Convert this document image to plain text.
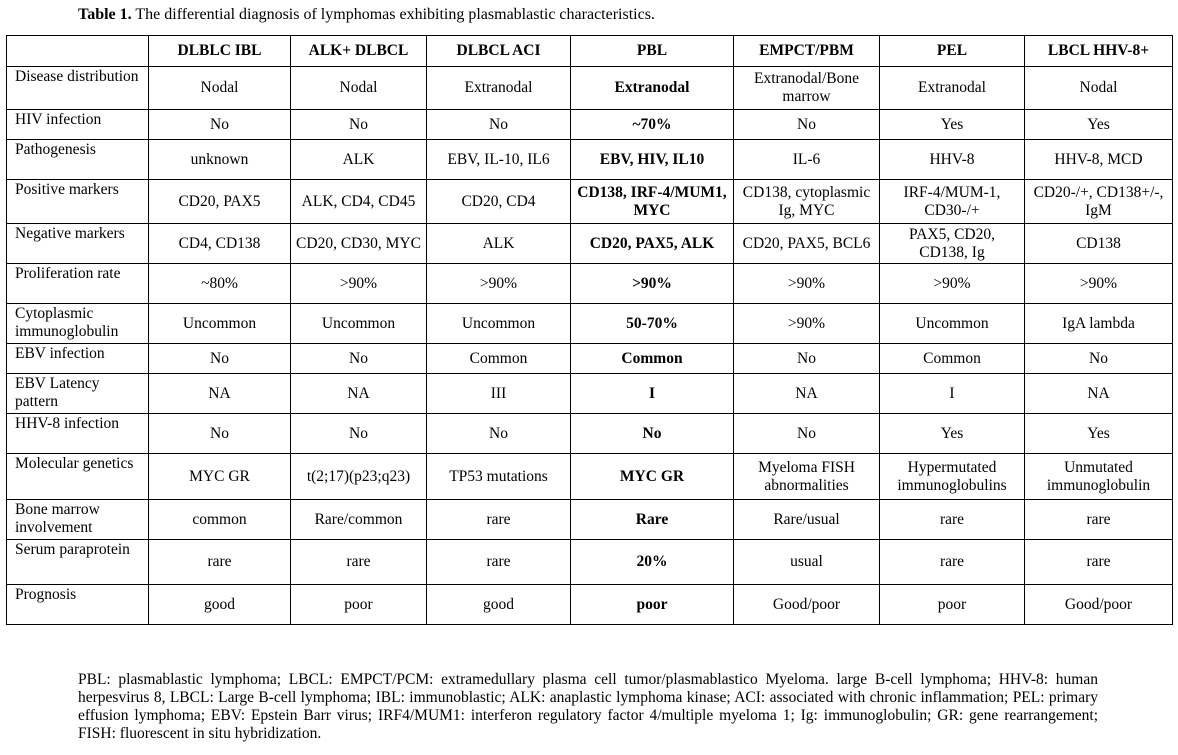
Table 1. The differential diagnosis of lymphomas exhibiting plasmablastic characteristics.
	DLBLC IBL	ALK+ DLBCL	DLBCL ACI	PBL	EMPCT/PBM	PEL	LBCL HHV-8+
Disease distribution	Nodal	Nodal	Extranodal	Extranodal	Extranodal/Bone marrow	Extranodal	Nodal
HIV infection	No	No	No	~70%	No	Yes	Yes
Pathogenesis	unknown	ALK	EBV, IL-10, IL6	EBV, HIV, IL10	IL-6	HHV-8	HHV-8, MCD
Positive markers	CD20, PAX5	ALK, CD4, CD45	CD20, CD4	CD138, IRF-4/MUM1, MYC	CD138, cytoplasmic Ig, MYC	IRF-4/MUM-1, CD30-/+	CD20-/+, CD138+/-, IgM
Negative markers	CD4, CD138	CD20, CD30, MYC	ALK	CD20, PAX5, ALK	CD20, PAX5, BCL6	PAX5, CD20, CD138, Ig	CD138
Proliferation rate	~80%	>90%	>90%	>90%	>90%	>90%	>90%
Cytoplasmic immunoglobulin	Uncommon	Uncommon	Uncommon	50-70%	>90%	Uncommon	IgA lambda
EBV infection	No	No	Common	Common	No	Common	No
EBV Latency pattern	NA	NA	III	I	NA	I	NA
HHV-8 infection	No	No	No	No	No	Yes	Yes
Molecular genetics	MYC GR	t(2;17)(p23;q23)	TP53 mutations	MYC GR	Myeloma FISH abnormalities	Hypermutated immunoglobulins	Unmutated immunoglobulin
Bone marrow involvement	common	Rare/common	rare	Rare	Rare/usual	rare	rare
Serum paraprotein	rare	rare	rare	20%	usual	rare	rare
Prognosis	good	poor	good	poor	Good/poor	poor	Good/poor
PBL: plasmablastic lymphoma; LBCL: EMPCT/PCM: extramedullary plasma cell tumor/plasmablastico Myeloma. large B-cell lymphoma; HHV-8: human herpesvirus 8, LBCL: Large B-cell lymphoma; IBL: immunoblastic; ALK: anaplastic lymphoma kinase; ACI: associated with chronic inflammation; PEL: primary effusion lymphoma; EBV: Epstein Barr virus; IRF4/MUM1: interferon regulatory factor 4/multiple myeloma 1; Ig: immunoglobulin; GR: gene rearrangement; FISH: fluorescent in situ hybridization.
